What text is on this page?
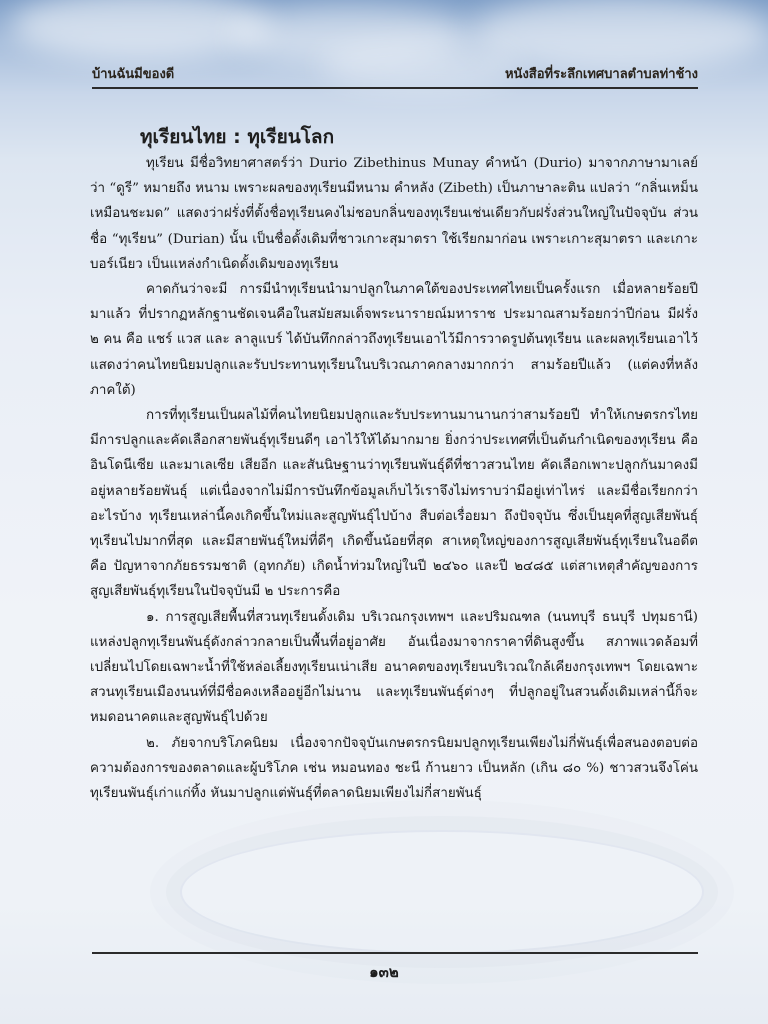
บ้านฉันมีของดี	หนังสือที่ระลึกเทศบาลตำบลท่าช้าง
ทุเรียนไทย : ทุเรียนโลก

ทุเรียน มีชื่อวิทยาศาสตร์ว่า Durio Zibethinus Munay คำหน้า (Durio) มาจากภาษามาเลย์ว่า “ดูรี” หมายถึง หนาม เพราะผลของทุเรียนมีหนาม คำหลัง (Zibeth) เป็นภาษาละติน แปลว่า “กลิ่นเหม็นเหมือนชะมด” แสดงว่าฝรั่งที่ตั้งชื่อทุเรียนคงไม่ชอบกลิ่นของทุเรียนเช่นเดียวกับฝรั่งส่วนใหญ่ในปัจจุบัน ส่วนชื่อ “ทุเรียน” (Durian) นั้น เป็นชื่อดั้งเดิมที่ชาวเกาะสุมาตรา ใช้เรียกมาก่อน เพราะเกาะสุมาตรา และเกาะบอร์เนียว เป็นแหล่งกำเนิดดั้งเดิมของทุเรียน

คาดกันว่าจะมี การมีนำทุเรียนนำมาปลูกในภาคใต้ของประเทศไทยเป็นครั้งแรก เมื่อหลายร้อยปีมาแล้ว ที่ปรากฏหลักฐานชัดเจนคือในสมัยสมเด็จพระนารายณ์มหาราช ประมาณสามร้อยกว่าปีก่อน มีฝรั่ง ๒ คน คือ แชร์ แวส และ ลาลูแบร์ ได้บันทึกกล่าวถึงทุเรียนเอาไว้มีการวาดรูปต้นทุเรียน และผลทุเรียนเอาไว้ แสดงว่าคนไทยนิยมปลูกและรับประทานทุเรียนในบริเวณภาคกลางมากกว่า สามร้อยปีแล้ว (แต่คงที่หลังภาคใต้)

การที่ทุเรียนเป็นผลไม้ที่คนไทยนิยมปลูกและรับประทานมานานกว่าสามร้อยปี ทำให้เกษตรกรไทยมีการปลูกและคัดเลือกสายพันธุ์ทุเรียนดีๆ เอาไว้ให้ได้มากมาย ยิ่งกว่าประเทศที่เป็นต้นกำเนิดของทุเรียน คืออินโดนีเซีย และมาเลเซีย เสียอีก และสันนิษฐานว่าทุเรียนพันธุ์ดีที่ชาวสวนไทย คัดเลือกเพาะปลูกกันมาคงมีอยู่หลายร้อยพันธุ์ แต่เนื่องจากไม่มีการบันทึกข้อมูลเก็บไว้เราจึงไม่ทราบว่ามีอยู่เท่าไหร่ และมีชื่อเรียกกว่าอะไรบ้าง ทุเรียนเหล่านี้คงเกิดขึ้นใหม่และสูญพันธุ์ไปบ้าง สืบต่อเรื่อยมา ถึงปัจจุบัน ซึ่งเป็นยุคที่สูญเสียพันธุ์ทุเรียนไปมากที่สุด และมีสายพันธุ์ใหม่ที่ดีๆ เกิดขึ้นน้อยที่สุด สาเหตุใหญ่ของการสูญเสียพันธุ์ทุเรียนในอดีตคือ ปัญหาจากภัยธรรมชาติ (อุทกภัย) เกิดน้ำท่วมใหญ่ในปี ๒๔๖๐ และปี ๒๔๘๕ แต่สาเหตุสำคัญของการสูญเสียพันธุ์ทุเรียนในปัจจุบันมี ๒ ประการคือ

๑. การสูญเสียพื้นที่สวนทุเรียนดั้งเดิม บริเวณกรุงเทพฯ และปริมณฑล (นนทบุรี ธนบุรี ปทุมธานี) แหล่งปลูกทุเรียนพันธุ์ดังกล่าวกลายเป็นพื้นที่อยู่อาศัย อันเนื่องมาจากราคาที่ดินสูงขึ้น สภาพแวดล้อมที่เปลี่ยนไปโดยเฉพาะน้ำที่ใช้หล่อเลี้ยงทุเรียนเน่าเสีย อนาคตของทุเรียนบริเวณใกล้เคียงกรุงเทพฯ โดยเฉพาะสวนทุเรียนเมืองนนท์ที่มีชื่อคงเหลืออยู่อีกไม่นาน และทุเรียนพันธุ์ต่างๆ ที่ปลูกอยู่ในสวนดั้งเดิมเหล่านี้ก็จะหมดอนาคตและสูญพันธุ์ไปด้วย

๒. ภัยจากบริโภคนิยม เนื่องจากปัจจุบันเกษตรกรนิยมปลูกทุเรียนเพียงไม่กี่พันธุ์เพื่อสนองตอบต่อความต้องการของตลาดและผู้บริโภค เช่น หมอนทอง ชะนี ก้านยาว เป็นหลัก (เกิน ๘๐ %) ชาวสวนจึงโค่นทุเรียนพันธุ์เก่าแก่ทิ้ง หันมาปลูกแต่พันธุ์ที่ตลาดนิยมเพียงไม่กี่สายพันธุ์

๑๓๒
